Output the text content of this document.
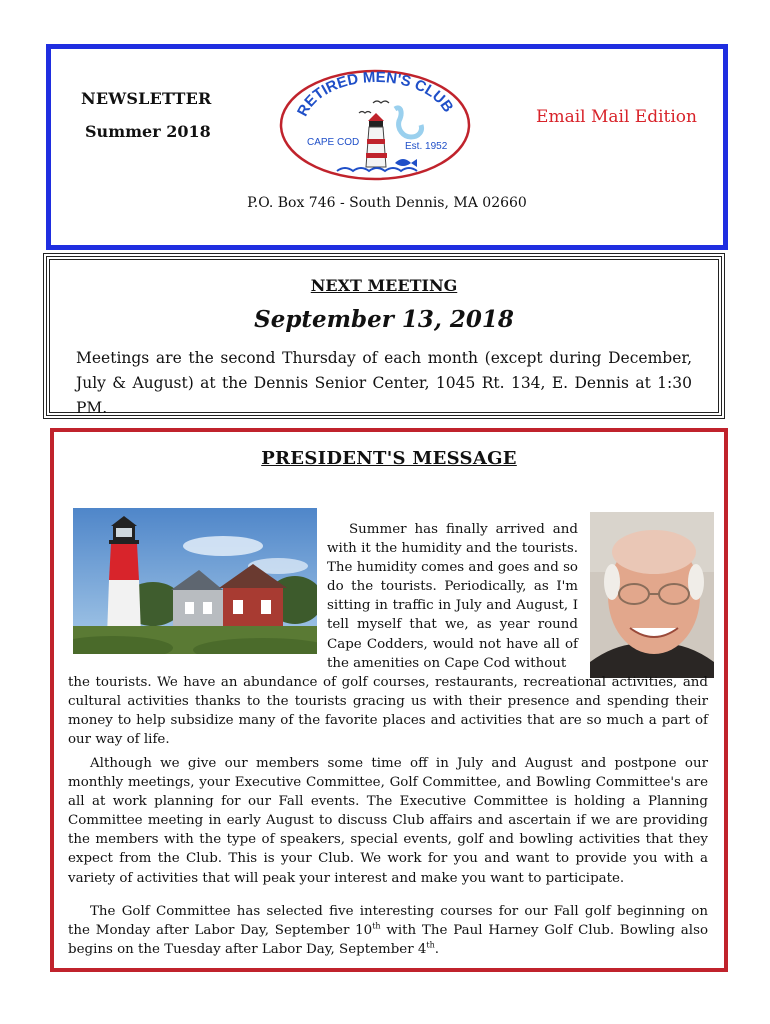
NEWSLETTER
Summer 2018
Email Mail Edition
RETIRED MEN'S CLUB
CAPE COD	Est. 1952
P.O. Box 746 - South Dennis, MA 02660
NEXT MEETING
September 13, 2018
Meetings are the second Thursday of each month (except during December, July & August) at the Dennis Senior Center, 1045 Rt. 134, E. Dennis at 1:30 PM.
PRESIDENT'S MESSAGE
Summer has finally arrived and with it the humidity and the tourists. The humidity comes and goes and so do the tourists. Periodically, as I'm sitting in traffic in July and August, I tell myself that we, as year round Cape Codders, would not have all of the amenities on Cape Cod without
the tourists. We have an abundance of golf courses, restaurants, recreational activities, and cultural activities thanks to the tourists gracing us with their presence and spending their money to help subsidize many of the favorite places and activities that are so much a part of our way of life.
Although we give our members some time off in July and August and postpone our monthly meetings, your Executive Committee, Golf Committee, and Bowling Committee's are all at work planning for our Fall events. The Executive Committee is holding a Planning Committee meeting in early August to discuss Club affairs and ascertain if we are providing the members with the type of speakers, special events, golf and bowling activities that they expect from the Club. This is your Club. We work for you and want to provide you with a variety of activities that will peak your interest and make you want to participate.
The Golf Committee has selected five interesting courses for our Fall golf beginning on the Monday after Labor Day, September 10th with The Paul Harney Golf Club. Bowling also begins on the Tuesday after Labor Day, September 4th.
